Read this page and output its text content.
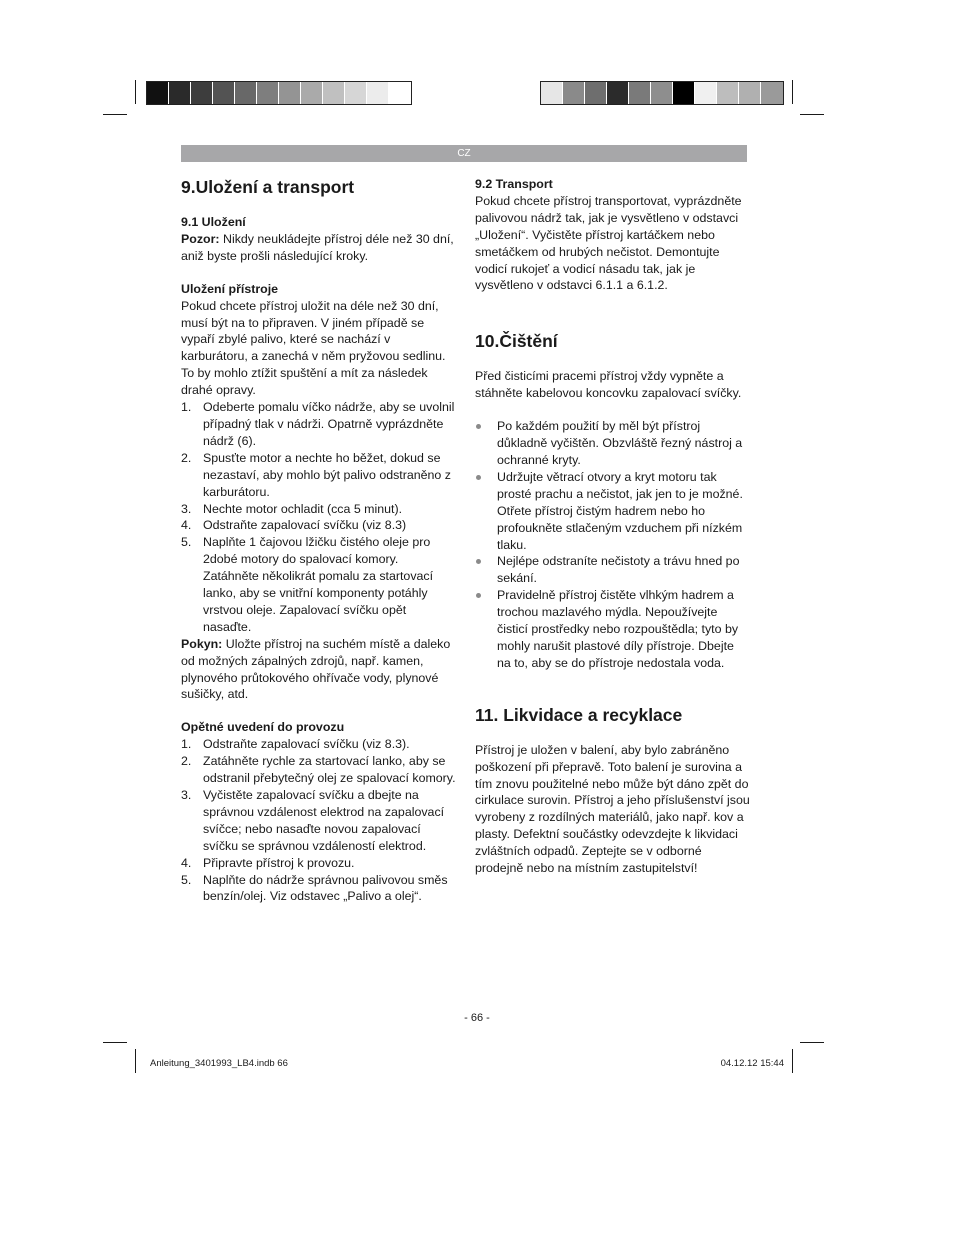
CZ
9.Uložení a transport
9.1 Uložení

Pozor: Nikdy neukládejte přístroj déle než 30 dní, aniž byste prošli následující kroky.

Uložení přístroje

Pokud chcete přístroj uložit na déle než 30 dní, musí být na to připraven. V jiném případě se vypaří zbylé palivo, které se nachází v karburátoru, a zanechá v něm pryžovou sedlinu. To by mohlo ztížit spuštění a mít za následek drahé opravy.

1. Odeberte pomalu víčko nádrže, aby se uvolnil případný tlak v nádrži. Opatrně vyprázdněte nádrž (6).
2. Spusťte motor a nechte ho běžet, dokud se nezastaví, aby mohlo být palivo odstraněno z karburátoru.
3. Nechte motor ochladit (cca 5 minut).
4. Odstraňte zapalovací svíčku (viz 8.3)
5. Naplňte 1 čajovou lžičku čistého oleje pro 2dobé motory do spalovací komory. Zatáhněte několikrát pomalu za startovací lanko, aby se vnitřní komponenty potáhly vrstvou oleje. Zapalovací svíčku opět nasaďte.

Pokyn: Uložte přístroj na suchém místě a daleko od možných zápalných zdrojů, např. kamen, plynového průtokového ohřívače vody, plynové sušičky, atd.

Opětné uvedení do provozu
1. Odstraňte zapalovací svíčku (viz 8.3).
2. Zatáhněte rychle za startovací lanko, aby se odstranil přebytečný olej ze spalovací komory.
3. Vyčistěte zapalovací svíčku a dbejte na správnou vzdálenost elektrod na zapalovací svíčce; nebo nasaďte novou zapalovací svíčku se správnou vzdáleností elektrod.
4. Připravte přístroj k provozu.
5. Naplňte do nádrže správnou palivovou směs benzín/olej. Viz odstavec „Palivo a olej“.
9.2 Transport

Pokud chcete přístroj transportovat, vyprázdněte palivovou nádrž tak, jak je vysvětleno v odstavci „Uložení“. Vyčistěte přístroj kartáčkem nebo smetáčkem od hrubých nečistot. Demontujte vodicí rukojeť a vodicí násadu tak, jak je vysvětleno v odstavci 6.1.1 a 6.1.2.

10.Čištění

Před čisticími pracemi přístroj vždy vypněte a stáhněte kabelovou koncovku zapalovací svíčky.

Po každém použití by měl být přístroj důkladně vyčištěn. Obzvláště řezný nástroj a ochranné kryty.
Udržujte větrací otvory a kryt motoru tak prosté prachu a nečistot, jak jen to je možné. Otřete přístroj čistým hadrem nebo ho profoukněte stlačeným vzduchem při nízkém tlaku.
Nejlépe odstraníte nečistoty a trávu hned po sekání.
Pravidelně přístroj čistěte vlhkým hadrem a trochou mazlavého mýdla. Nepoužívejte čisticí prostředky nebo rozpouštědla; tyto by mohly narušit plastové díly přístroje. Dbejte na to, aby se do přístroje nedostala voda.
11. Likvidace a recyklace

Přístroj je uložen v balení, aby bylo zabráněno poškození při přepravě. Toto balení je surovina a tím znovu použitelné nebo může být dáno zpět do cirkulace surovin. Přístroj a jeho příslušenství jsou vyrobeny z rozdílných materiálů, jako např. kov a plasty. Defektní součástky odevzdejte k likvidaci zvláštních odpadů. Zeptejte se v odborné prodejně nebo na místním zastupitelství!

- 66 -
Anleitung_3401993_LB4.indb 66	04.12.12 15:44
